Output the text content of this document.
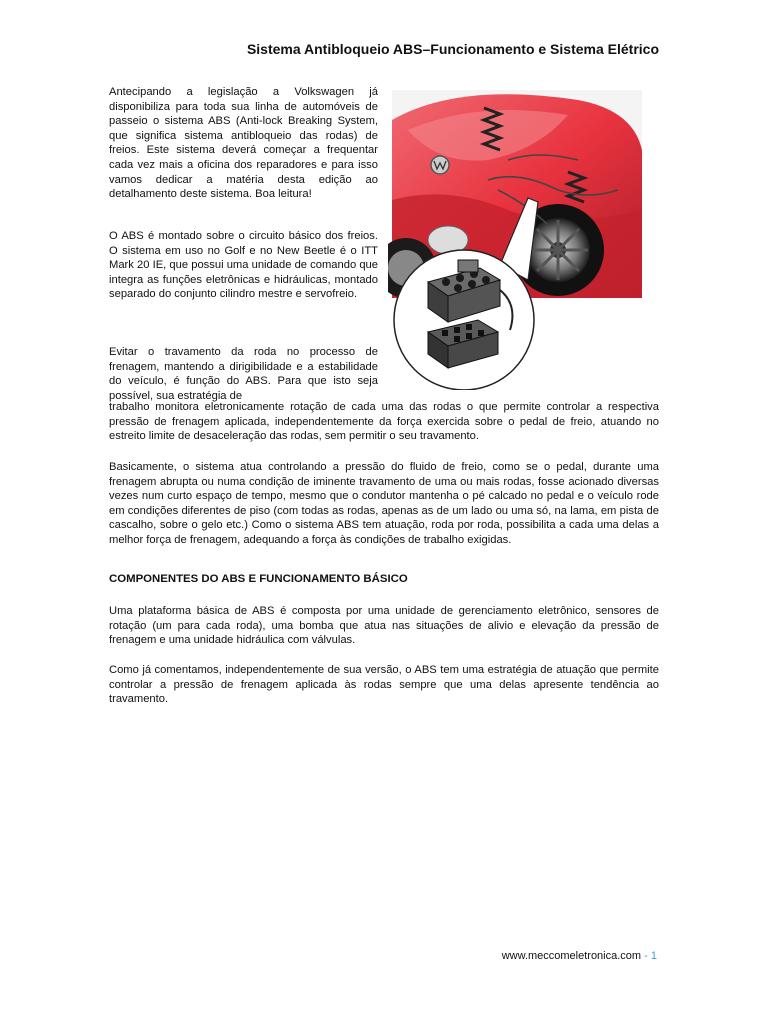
Sistema Antibloqueio ABS–Funcionamento e Sistema Elétrico

Antecipando a legislação a Volkswagen já disponibiliza para toda sua linha de automóveis de passeio o sistema ABS (Anti-lock Breaking System, que significa sistema antibloqueio das rodas) de freios. Este sistema deverá começar a frequentar cada vez mais a oficina dos reparadores e para isso vamos dedicar a matéria desta edição ao detalhamento deste sistema. Boa leitura!

O ABS é montado sobre o circuito básico dos freios. O sistema em uso no Golf e no New Beetle é o ITT Mark 20 IE, que possui uma unidade de comando que integra as funções eletrônicas e hidráulicas, montado separado do conjunto cilindro mestre e servofreio.

Evitar o travamento da roda no processo de frenagem, mantendo a dirigibilidade e a estabilidade do veículo, é função do ABS. Para que isto seja possível, sua estratégia de

trabalho monitora eletronicamente rotação de cada uma das rodas o que permite controlar a respectiva pressão de frenagem aplicada, independentemente da força exercida sobre o pedal de freio, atuando no estreito limite de desaceleração das rodas, sem permitir o seu travamento.

Basicamente, o sistema atua controlando a pressão do fluido de freio, como se o pedal, durante uma frenagem abrupta ou numa condição de iminente travamento de uma ou mais rodas, fosse acionado diversas vezes num curto espaço de tempo, mesmo que o condutor mantenha o pé calcado no pedal e o veículo rode em condições diferentes de piso (com todas as rodas, apenas as de um lado ou uma só, na lama, em pista de cascalho, sobre o gelo etc.) Como o sistema ABS tem atuação, roda por roda, possibilita a cada uma delas a melhor força de frenagem, adequando a força às condições de trabalho exigidas.

COMPONENTES DO ABS E FUNCIONAMENTO BÁSICO

Uma plataforma básica de ABS é composta por uma unidade de gerenciamento eletrônico, sensores de rotação (um para cada roda), uma bomba que atua nas situações de alivio e elevação da pressão de frenagem e uma unidade hidráulica com válvulas.

Como já comentamos, independentemente de sua versão, o ABS tem uma estratégia de atuação que permite controlar a pressão de frenagem aplicada às rodas sempre que uma delas apresente tendência ao travamento.

www.meccomeletronica.com - 1
